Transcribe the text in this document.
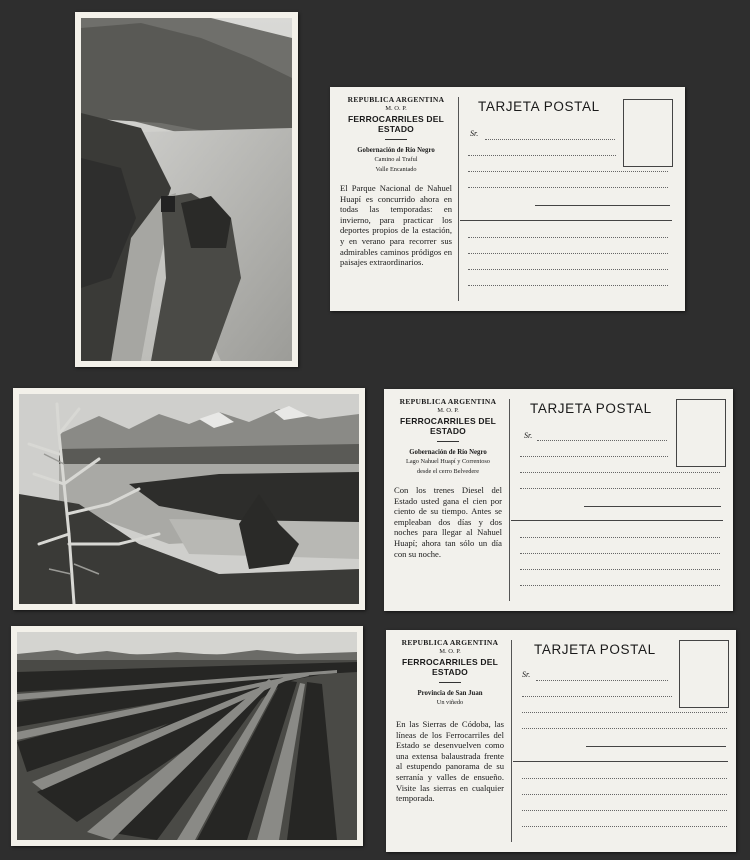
REPUBLICA ARGENTINA
M. O. P.
FERROCARRILES DEL ESTADO
Gobernación de Río Negro
Camino al Traful
Valle Encantado
El Parque Nacional de Nahuel Huapí es concurrido ahora en todas las temporadas: en invierno, para practicar los deportes propios de la estación, y en verano para recorrer sus admirables caminos pródigos en paisajes extraordinarios.
TARJETA POSTAL
Sr.
REPUBLICA ARGENTINA
M. O. P.
FERROCARRILES DEL ESTADO
Gobernación de Río Negro
Lago Nahuel Huapí y Correntoso
desde el cerro Belvedere
Con los trenes Diesel del Estado usted gana el cien por ciento de su tiempo. Antes se empleaban dos días y dos noches para llegar al Nahuel Huapí; ahora tan sólo un día con su noche.
TARJETA POSTAL
Sr.
REPUBLICA ARGENTINA
M. O. P.
FERROCARRILES DEL ESTADO
Provincia de San Juan
Un viñedo
En las Sierras de Códoba, las líneas de los Ferrocarriles del Estado se desenvuelven como una extensa balaustrada frente al estupendo panorama de su serranía y valles de ensueño. Visite las sierras en cualquier temporada.
TARJETA POSTAL
Sr.
